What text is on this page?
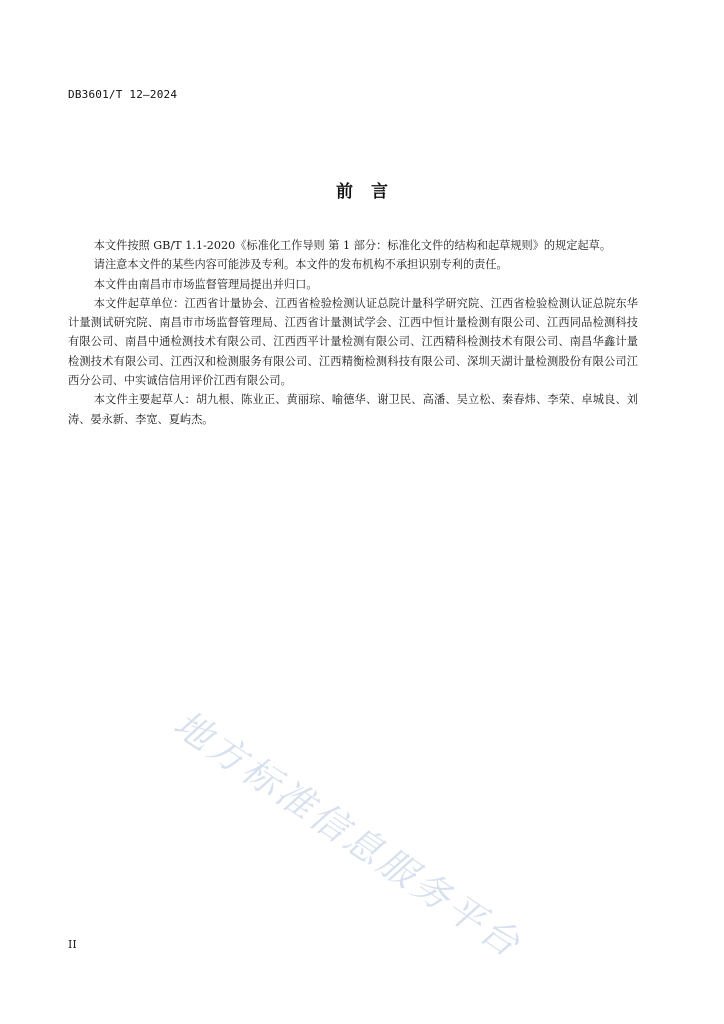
DB3601/T 12—2024
前言

本文件按照 GB/T 1.1-2020《标准化工作导则 第 1 部分：标准化文件的结构和起草规则》的规定起草。

请注意本文件的某些内容可能涉及专利。本文件的发布机构不承担识别专利的责任。

本文件由南昌市市场监督管理局提出并归口。

本文件起草单位：江西省计量协会、江西省检验检测认证总院计量科学研究院、江西省检验检测认证总院东华计量测试研究院、南昌市市场监督管理局、江西省计量测试学会、江西中恒计量检测有限公司、江西同品检测科技有限公司、南昌中通检测技术有限公司、江西西平计量检测有限公司、江西精科检测技术有限公司、南昌华鑫计量检测技术有限公司、江西汉和检测服务有限公司、江西精衡检测科技有限公司、深圳天湖计量检测股份有限公司江西分公司、中实诚信信用评价江西有限公司。

本文件主要起草人：胡九根、陈业正、黄丽琮、喻德华、谢卫民、高潘、吴立松、秦春炜、李荣、卓城良、刘涛、晏永新、李宽、夏屿杰。

地方标准信息服务平台
II
